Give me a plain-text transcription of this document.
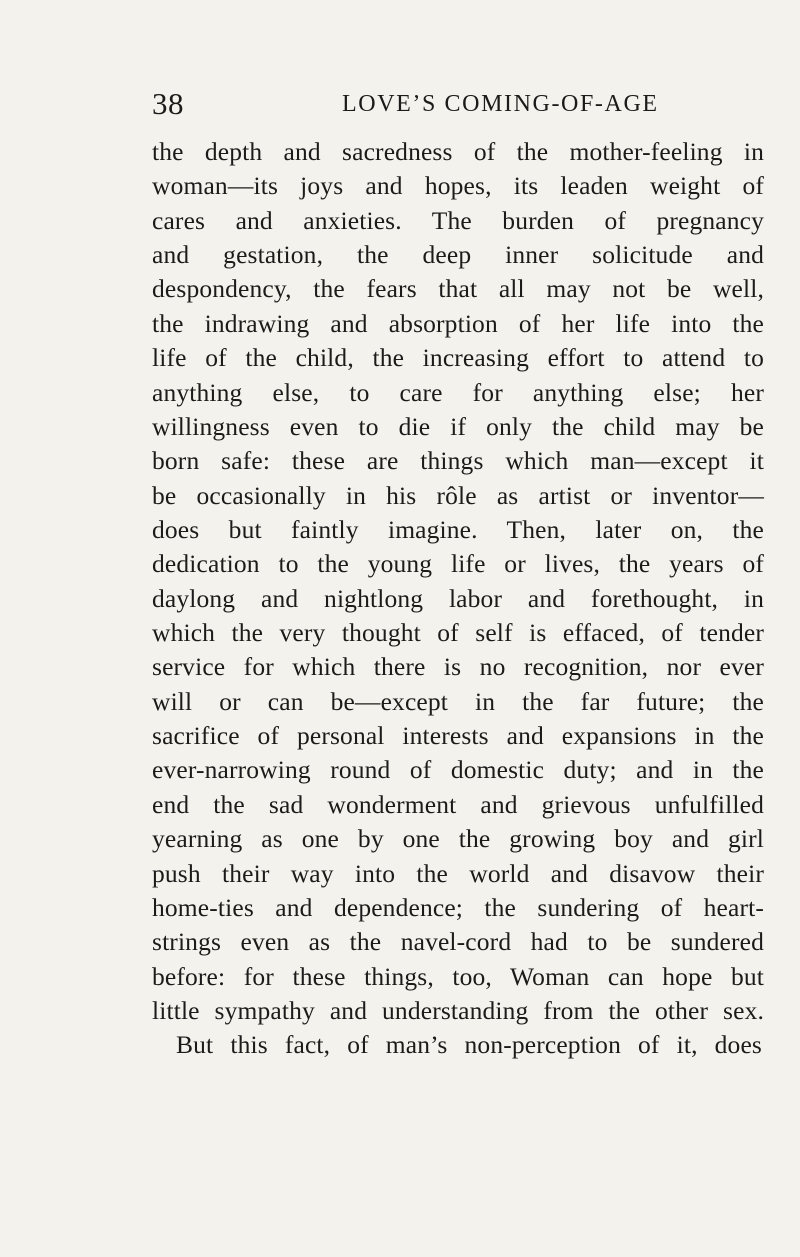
38	LOVE’S COMING-OF-AGE
the depth and sacredness of the mother-feeling in
woman—its joys and hopes, its leaden weight of
cares and anxieties. The burden of pregnancy
and gestation, the deep inner solicitude and
despondency, the fears that all may not be well,
the indrawing and absorption of her life into the
life of the child, the increasing effort to attend to
anything else, to care for anything else; her
willingness even to die if only the child may be
born safe: these are things which man—except it
be occasionally in his rôle as artist or inventor—
does but faintly imagine. Then, later on, the
dedication to the young life or lives, the years of
daylong and nightlong labor and forethought, in
which the very thought of self is effaced, of tender
service for which there is no recognition, nor ever
will or can be—except in the far future; the
sacrifice of personal interests and expansions in the
ever-narrowing round of domestic duty; and in the
end the sad wonderment and grievous unfulfilled
yearning as one by one the growing boy and girl
push their way into the world and disavow their
home-ties and dependence; the sundering of heart-
strings even as the navel-cord had to be sundered
before: for these things, too, Woman can hope but
little sympathy and understanding from the other sex.
But this fact, of man’s non-perception of it, does
